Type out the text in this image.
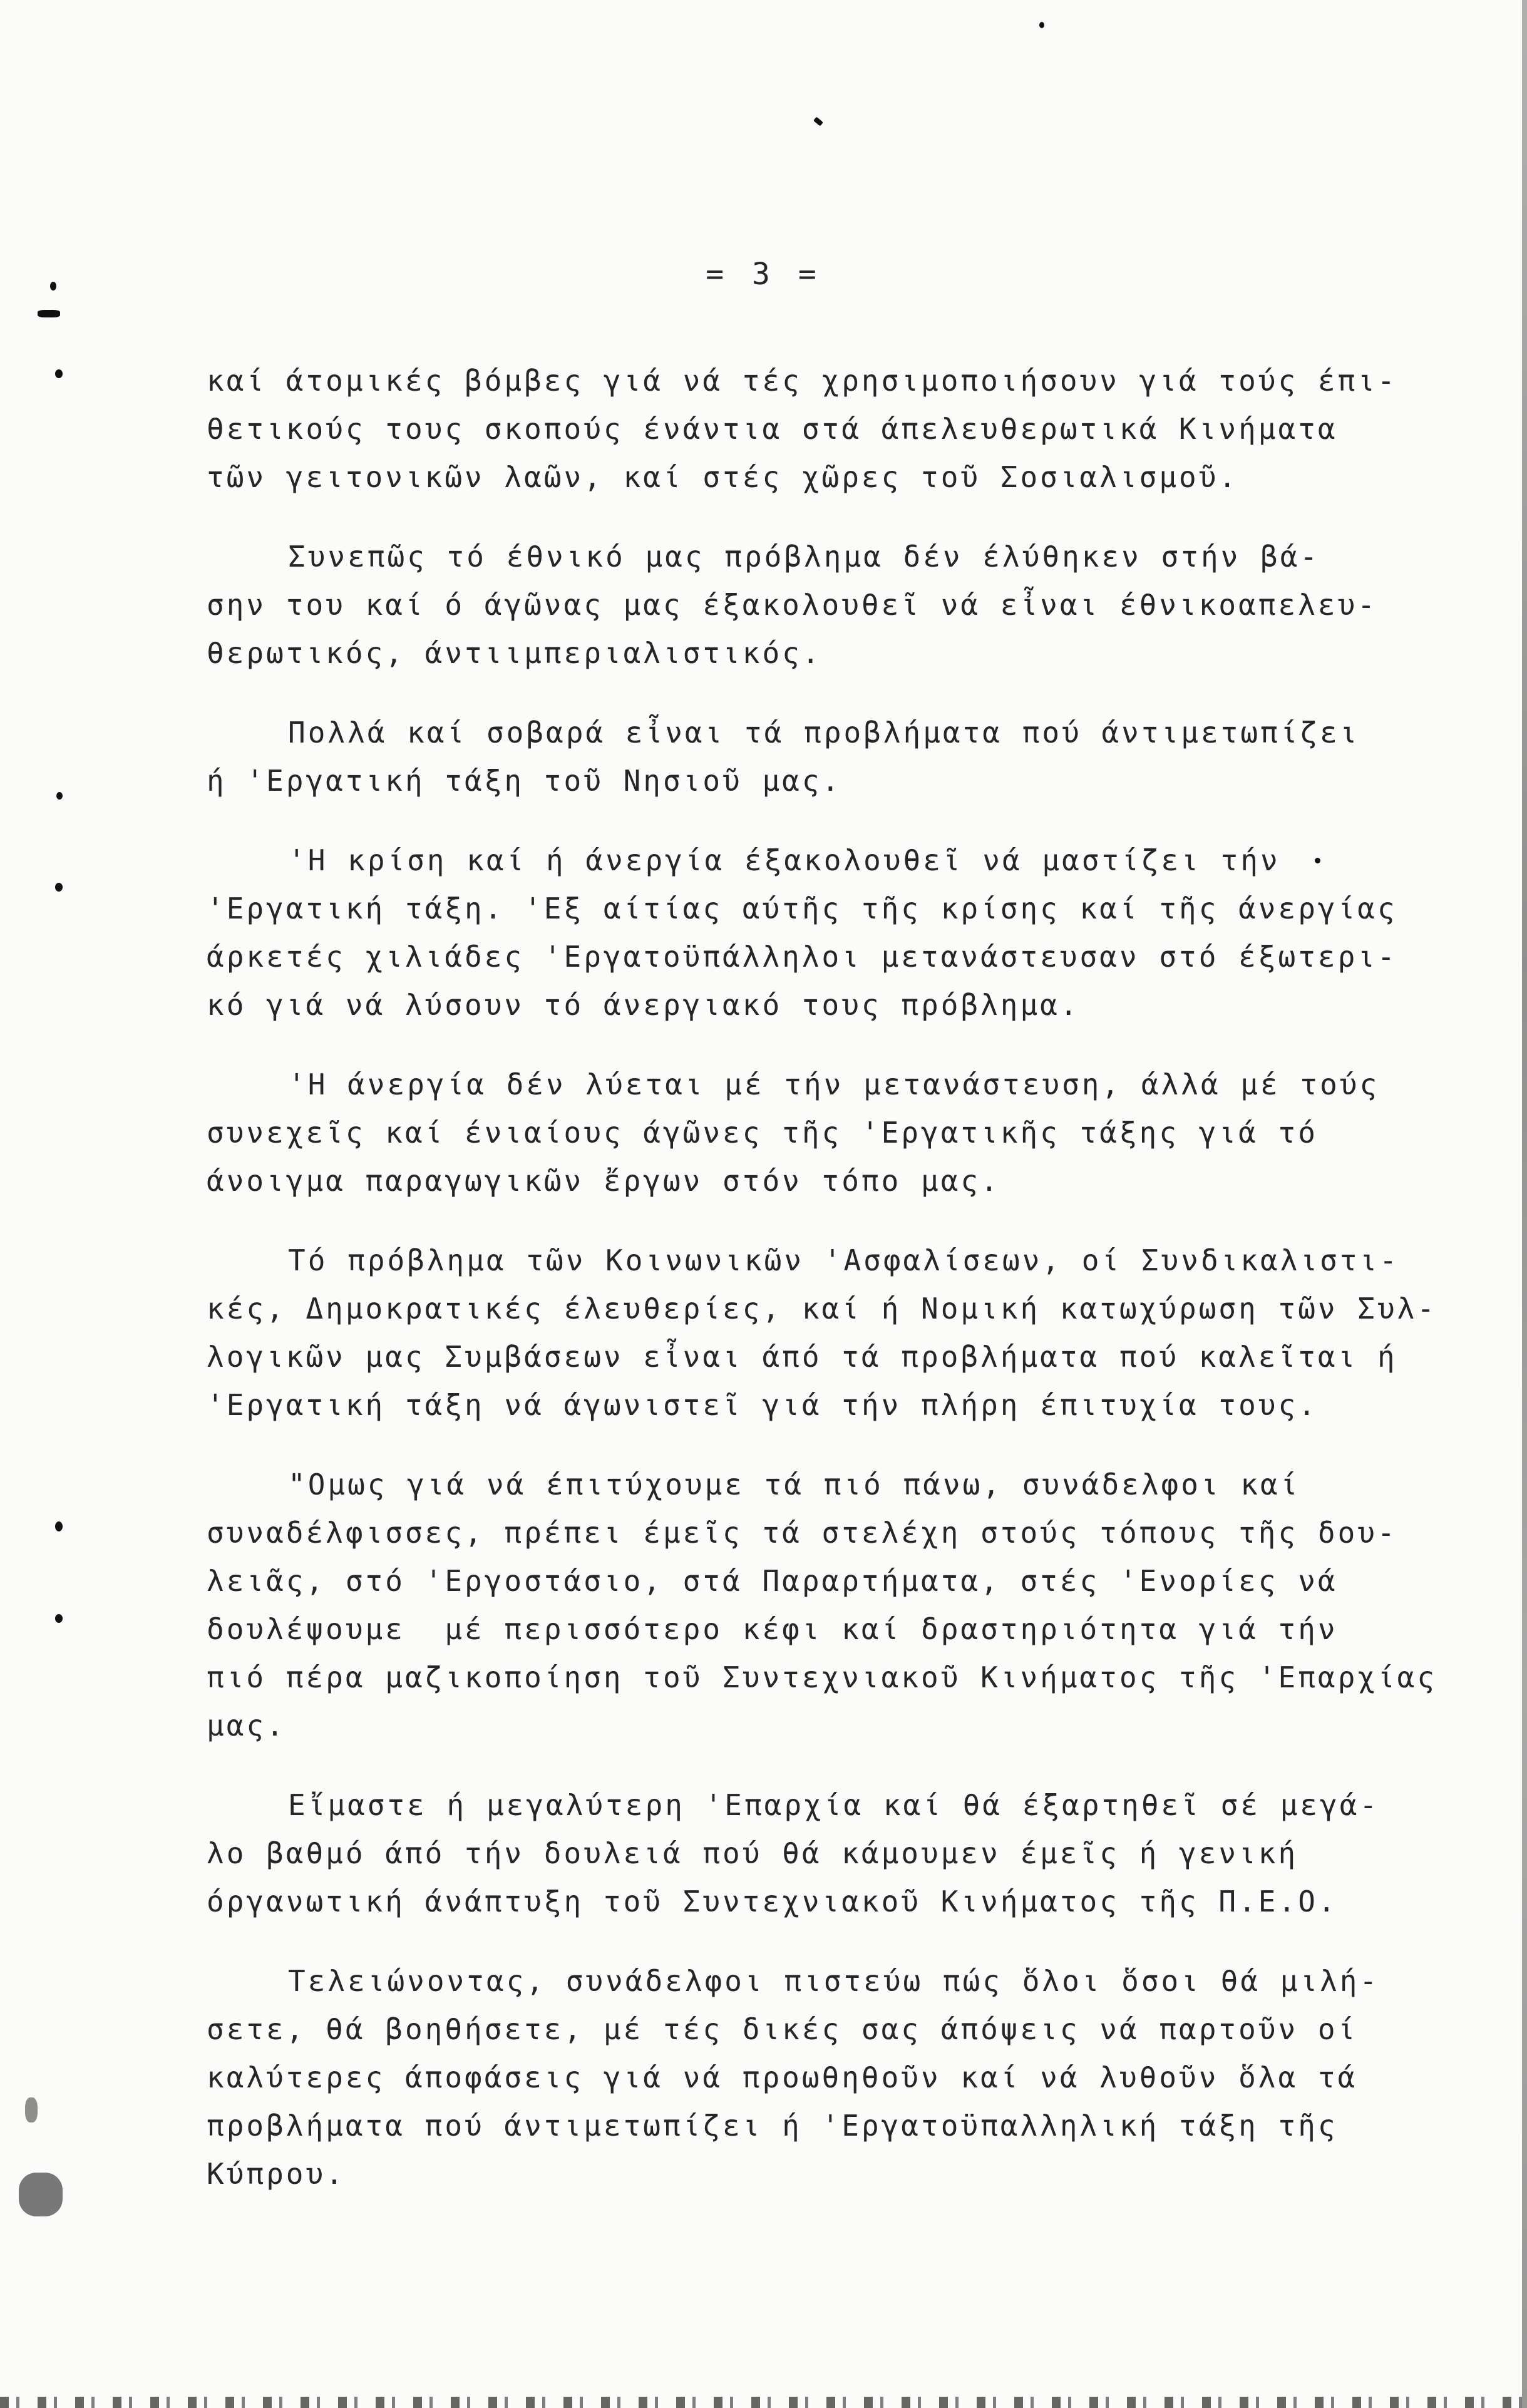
= 3 =
καί άτομικές βόμβες γιά νά τές χρησιμοποιήσουν γιά τούς έπι-
θετικούς τους σκοπούς ένάντια στά άπελευθερωτικά Κινήματα
τῶν γειτονικῶν λαῶν, καί στές χῶρες τοῦ Σοσιαλισμοῦ.
Συνεπῶς τό έθνικό μας πρόβλημα δέν έλύθηκεν στήν βά-
σην του καί ό άγῶνας μας έξακολουθεῖ νά εἶναι έθνικοαπελευ-
θερωτικός, άντιιμπεριαλιστικός.
Πολλά καί σοβαρά εἶναι τά προβλήματα πού άντιμετωπίζει
ή 'Εργατική τάξη τοῦ Νησιοῦ μας.
'Η κρίση καί ή άνεργία έξακολουθεῖ νά μαστίζει τήν
'Εργατική τάξη. 'Εξ αίτίας αύτῆς τῆς κρίσης καί τῆς άνεργίας
άρκετές χιλιάδες 'Εργατοϋπάλληλοι μετανάστευσαν στό έξωτερι-
κό γιά νά λύσουν τό άνεργιακό τους πρόβλημα.
'Η άνεργία δέν λύεται μέ τήν μετανάστευση, άλλά μέ τούς
συνεχεῖς καί ένιαίους άγῶνες τῆς 'Εργατικῆς τάξης γιά τό
άνοιγμα παραγωγικῶν ἔργων στόν τόπο μας.
Τό πρόβλημα τῶν Κοινωνικῶν 'Ασφαλίσεων, οί Συνδικαλιστι-
κές, Δημοκρατικές έλευθερίες, καί ή Νομική κατωχύρωση τῶν Συλ-
λογικῶν μας Συμβάσεων εἶναι άπό τά προβλήματα πού καλεῖται ή
'Εργατική τάξη νά άγωνιστεῖ γιά τήν πλήρη έπιτυχία τους.
"Ομως γιά νά έπιτύχουμε τά πιό πάνω, συνάδελφοι καί
συναδέλφισσες, πρέπει έμεῖς τά στελέχη στούς τόπους τῆς δου-
λειᾶς, στό 'Εργοστάσιο, στά Παραρτήματα, στές 'Ενορίες νά
δουλέψουμε  μέ περισσότερο κέφι καί δραστηριότητα γιά τήν
πιό πέρα μαζικοποίηση τοῦ Συντεχνιακοῦ Κινήματος τῆς 'Επαρχίας
μας.
Εἴμαστε ή μεγαλύτερη 'Επαρχία καί θά έξαρτηθεῖ σέ μεγά-
λο βαθμό άπό τήν δουλειά πού θά κάμουμεν έμεῖς ή γενική
όργανωτική άνάπτυξη τοῦ Συντεχνιακοῦ Κινήματος τῆς Π.Ε.Ο.
Τελειώνοντας, συνάδελφοι πιστεύω πώς ὅλοι ὅσοι θά μιλή-
σετε, θά βοηθήσετε, μέ τές δικές σας άπόψεις νά παρτοῦν οί
καλύτερες άποφάσεις γιά νά προωθηθοῦν καί νά λυθοῦν ὅλα τά
προβλήματα πού άντιμετωπίζει ή 'Εργατοϋπαλληλική τάξη τῆς
Κύπρου.
